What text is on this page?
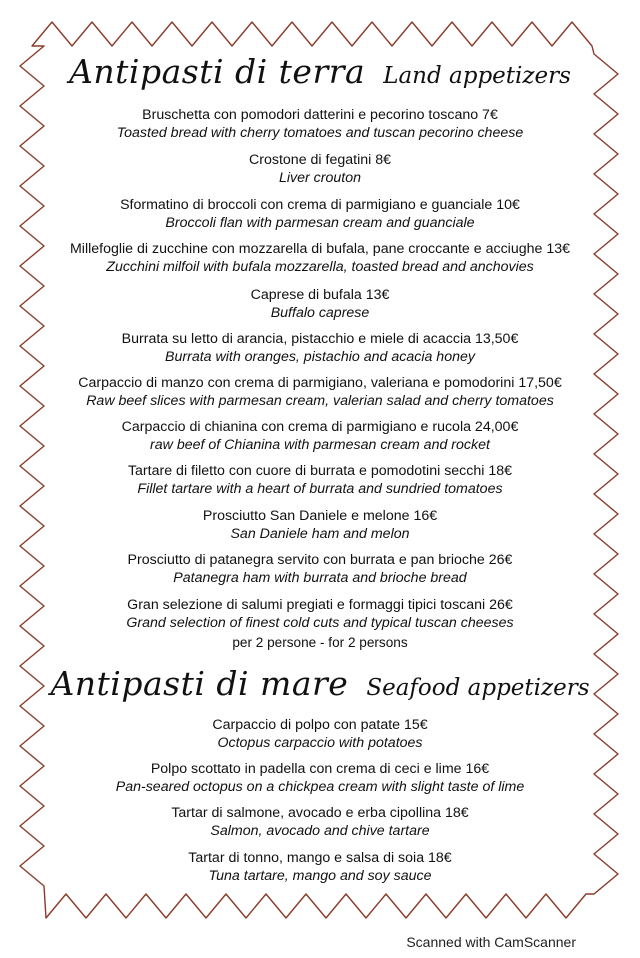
Antipasti di terra Land appetizers
Bruschetta con pomodori datterini e pecorino toscano 7€
Toasted bread with cherry tomatoes and tuscan pecorino cheese
Crostone di fegatini 8€
Liver crouton
Sformatino di broccoli con crema di parmigiano e guanciale 10€
Broccoli flan with parmesan cream and guanciale
Millefoglie di zucchine con mozzarella di bufala, pane croccante e acciughe 13€
Zucchini milfoil with bufala mozzarella, toasted bread and anchovies
Caprese di bufala 13€
Buffalo caprese
Burrata su letto di arancia, pistacchio e miele di acaccia 13,50€
Burrata with oranges, pistachio and acacia honey
Carpaccio di manzo con crema di parmigiano, valeriana e pomodorini 17,50€
Raw beef slices with parmesan cream, valerian salad and cherry tomatoes
Carpaccio di chianina con crema di parmigiano e rucola 24,00€
raw beef of Chianina with parmesan cream and rocket
Tartare di filetto con cuore di burrata e pomodotini secchi 18€
Fillet tartare with a heart of burrata and sundried tomatoes
Prosciutto San Daniele e melone 16€
San Daniele ham and melon
Prosciutto di patanegra servito con burrata e pan brioche 26€
Patanegra ham with burrata and brioche bread
Gran selezione di salumi pregiati e formaggi tipici toscani 26€
Grand selection of finest cold cuts and typical tuscan cheeses
per 2 persone - for 2 persons
Antipasti di mare Seafood appetizers
Carpaccio di polpo con patate 15€
Octopus carpaccio with potatoes
Polpo scottato in padella con crema di ceci e lime 16€
Pan-seared octopus on a chickpea cream with slight taste of lime
Tartar di salmone, avocado e erba cipollina 18€
Salmon, avocado and chive tartare
Tartar di tonno, mango e salsa di soia 18€
Tuna tartare, mango and soy sauce
Scanned with CamScanner
